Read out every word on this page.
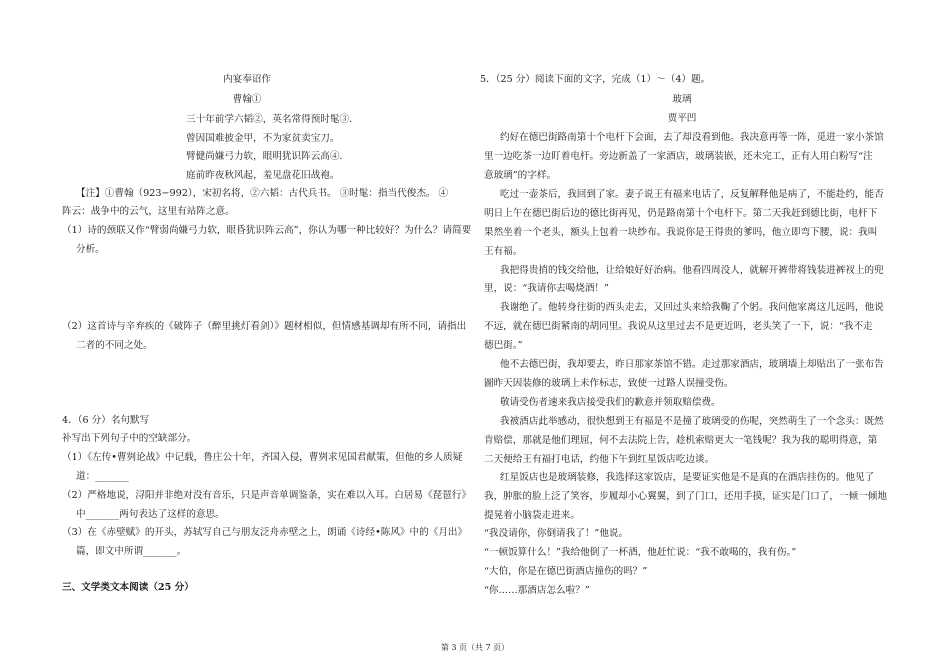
内宴奉诏作
曹翰①
三十年前学六韬②，英名常得预时髦③.
曾因国难披金甲，不为家贫卖宝刀。
臂健尚嫌弓力软，眼明犹识阵云高④.
庭前昨夜秋风起，羞见盘花旧战袍。
【注】①曹翰（923−992），宋初名将，②六韬：古代兵书。 ③时髦：指当代俊杰。 ④
阵云：战争中的云气，这里有站阵之意。
（1）诗的颈联又作“臂弱尚嫌弓力软，眼昏犹识阵云高”，你认为哪一种比较好？为什么？请简要
分析。
（2）这首诗与辛弃疾的《破阵子（醉里挑灯看剑）》题材相似，但情感基调却有所不同，请指出
二者的不同之处。
4．（6 分）名句默写
补写出下列句子中的空缺部分。
（1）《左传•曹刿论战》中记载，鲁庄公十年，齐国入侵，曹刿求见国君献策，但他的乡人质疑
道：_______
（2）严格地说，浔阳并非绝对没有音乐，只是声音单调鉴条，实在难以入耳。白居易《琵琶行》
中_______两句表达了这样的意思。
（3）在《赤壁赋》的开头，苏轼写自己与朋友泛舟赤壁之上，朗诵《诗经•陈风》中的《月出》
篇，即文中所谓_______。
三、文学类文本阅读（25 分）
5．（25 分）阅读下面的文字，完成（1）～（4）题。
玻璃
贾平凹
约好在德巴街路南第十个电杆下会面，去了却没看到他。我决意再等一阵，觅进一家小茶馆
里一边吃茶一边盯着电杆。旁边新盖了一家酒店，玻璃装嵌，还未完工，正有人用白粉写“注
意玻璃”的字样。
吃过一壶茶后，我回到了家。妻子说王有福来电话了，反复解释他是病了，不能赴约，能否
明日上午在德巴街后边的德比街再见，仍是路南第十个电杆下。第二天我赶到德比街，电杆下
果然坐着一个老头，额头上包着一块纱布。我说你是王得贵的爹吗，他立即弯下腰，说：我叫
王有福。
我把得贵捎的钱交给他，让给娘好好治病。他看四周没人，就解开裤带将钱装进裤衩上的兜
里，说：“我请你去喝烧酒！”
我谢绝了。他转身往街的西头走去，又回过头来给我鞠了个躬。我问他家离这儿远吗，他说
不远，就在德巴街紧南的胡同里。我说从这里过去不是更近吗，老头笑了一下，说：“我不走
德巴街。”
他不去德巴街，我却要去，昨日那家茶馆不错。走过那家酒店，玻璃墙上却贴出了一张布告
圖昨天因装修的玻璃上未作标志，致使一过路人误撞受伤。
敬请受伤者速来我店接受我们的歉意并领取赔偿费。
我被酒店此举感动，很快想到王有福是不是撞了玻璃受的伤呢，突然萌生了一个念头：既然
肯赔偿，那就是他们理屈，何不去法院上告，趁机索赔更大一笔钱呢？我为我的聪明得意，第
二天便给王有福打电话，约他下午到红星饭店吃边谈。
红星饭店也是玻璃装修，我选择这家饭店，是要证实他是不是真的在酒店挂伤的。他见了
我，肿胀的脸上泛了笑容，步履却小心翼翼，到了门口，还用手摸，证实是门口了，一倾一倾地
提晃着小脑袋走进来。
“我没请你，你倒请我了！”他说。
“一顿饭算什么！”我给他倒了一杯酒，他赶忙说：“我不敢喝的，我有伤。”
“大伯，你是在德巴街酒店撞伤的吗？”
“你……那酒店怎么啦？”
第 3 页（共 7 页）
